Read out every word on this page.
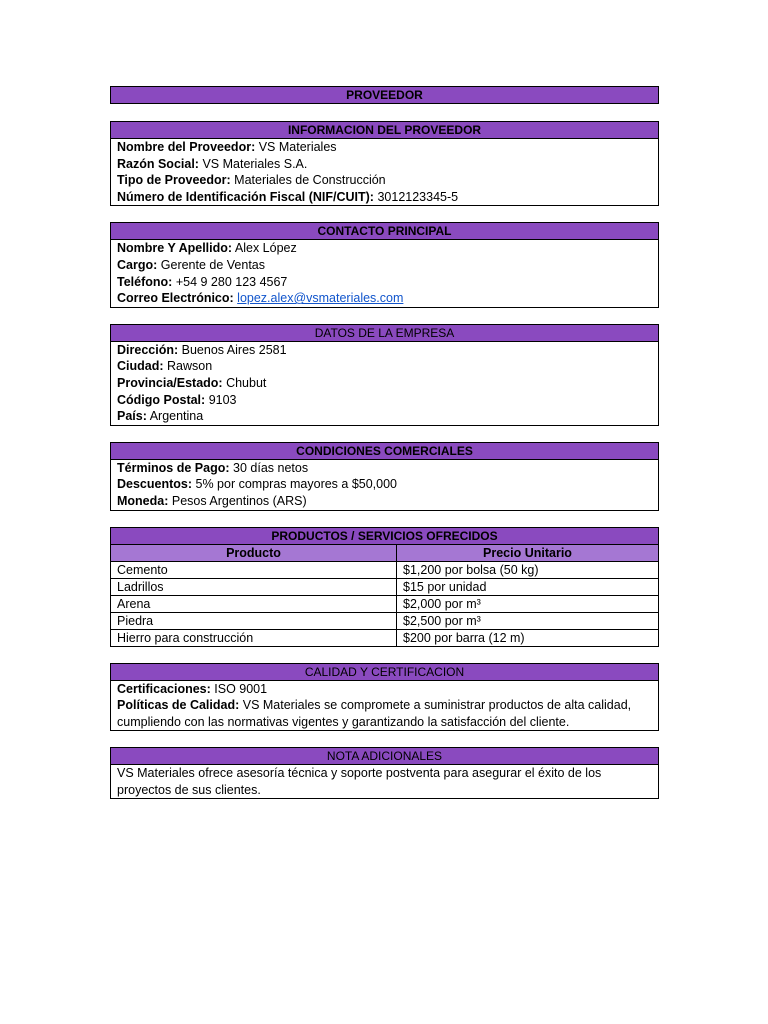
PROVEEDOR
INFORMACION DEL PROVEEDOR
Nombre del Proveedor: VS Materiales
Razón Social: VS Materiales S.A.
Tipo de Proveedor: Materiales de Construcción
Número de Identificación Fiscal (NIF/CUIT): 3012123345-5
CONTACTO PRINCIPAL
Nombre Y Apellido: Alex López
Cargo: Gerente de Ventas
Teléfono: +54 9 280 123 4567
Correo Electrónico: lopez.alex@vsmateriales.com
DATOS DE LA EMPRESA
Dirección: Buenos Aires 2581
Ciudad: Rawson
Provincia/Estado: Chubut
Código Postal: 9103
País: Argentina
CONDICIONES COMERCIALES
Términos de Pago: 30 días netos
Descuentos: 5% por compras mayores a $50,000
Moneda: Pesos Argentinos (ARS)
PRODUCTOS / SERVICIOS OFRECIDOS
Producto	Precio Unitario
Cemento	$1,200 por bolsa (50 kg)
Ladrillos	$15 por unidad
Arena	$2,000 por m³
Piedra	$2,500 por m³
Hierro para construcción	$200 por barra (12 m)
CALIDAD Y CERTIFICACION
Certificaciones: ISO 9001
Políticas de Calidad: VS Materiales se compromete a suministrar productos de alta calidad, cumpliendo con las normativas vigentes y garantizando la satisfacción del cliente.
NOTA ADICIONALES
VS Materiales ofrece asesoría técnica y soporte postventa para asegurar el éxito de los proyectos de sus clientes.
